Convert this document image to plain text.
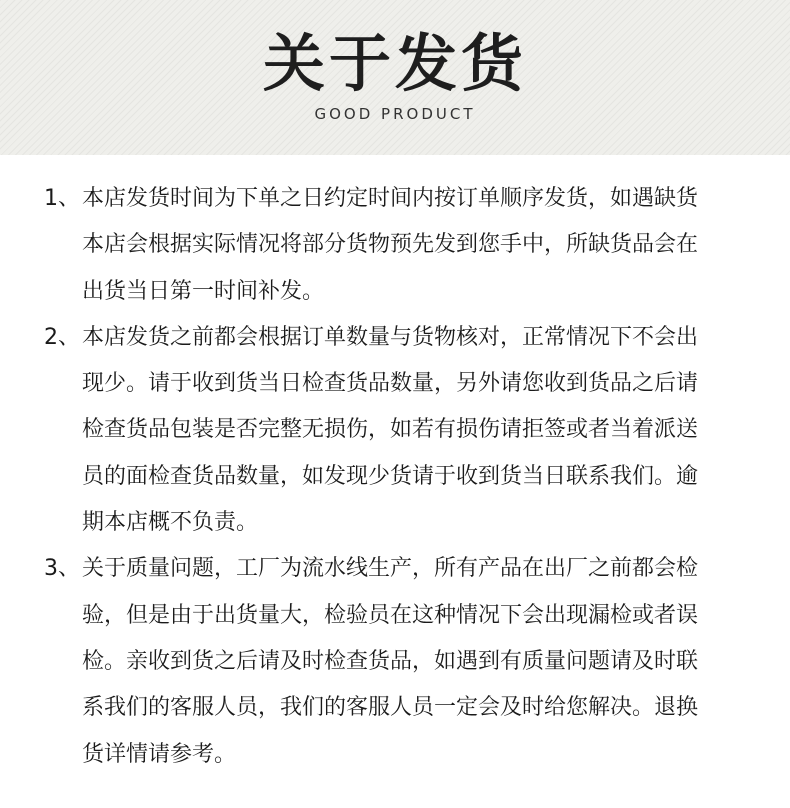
关于发货
GOOD PRODUCT
1、 本店发货时间为下单之日约定时间内按订单顺序发货，如遇缺货
本店会根据实际情况将部分货物预先发到您手中，所缺货品会在
出货当日第一时间补发。
2、 本店发货之前都会根据订单数量与货物核对，正常情况下不会出
现少。请于收到货当日检查货品数量，另外请您收到货品之后请
检查货品包装是否完整无损伤，如若有损伤请拒签或者当着派送
员的面检查货品数量，如发现少货请于收到货当日联系我们。逾
期本店概不负责。
3、 关于质量问题，工厂为流水线生产，所有产品在出厂之前都会检
验，但是由于出货量大，检验员在这种情况下会出现漏检或者误
检。亲收到货之后请及时检查货品，如遇到有质量问题请及时联
系我们的客服人员，我们的客服人员一定会及时给您解决。退换
货详情请参考。
